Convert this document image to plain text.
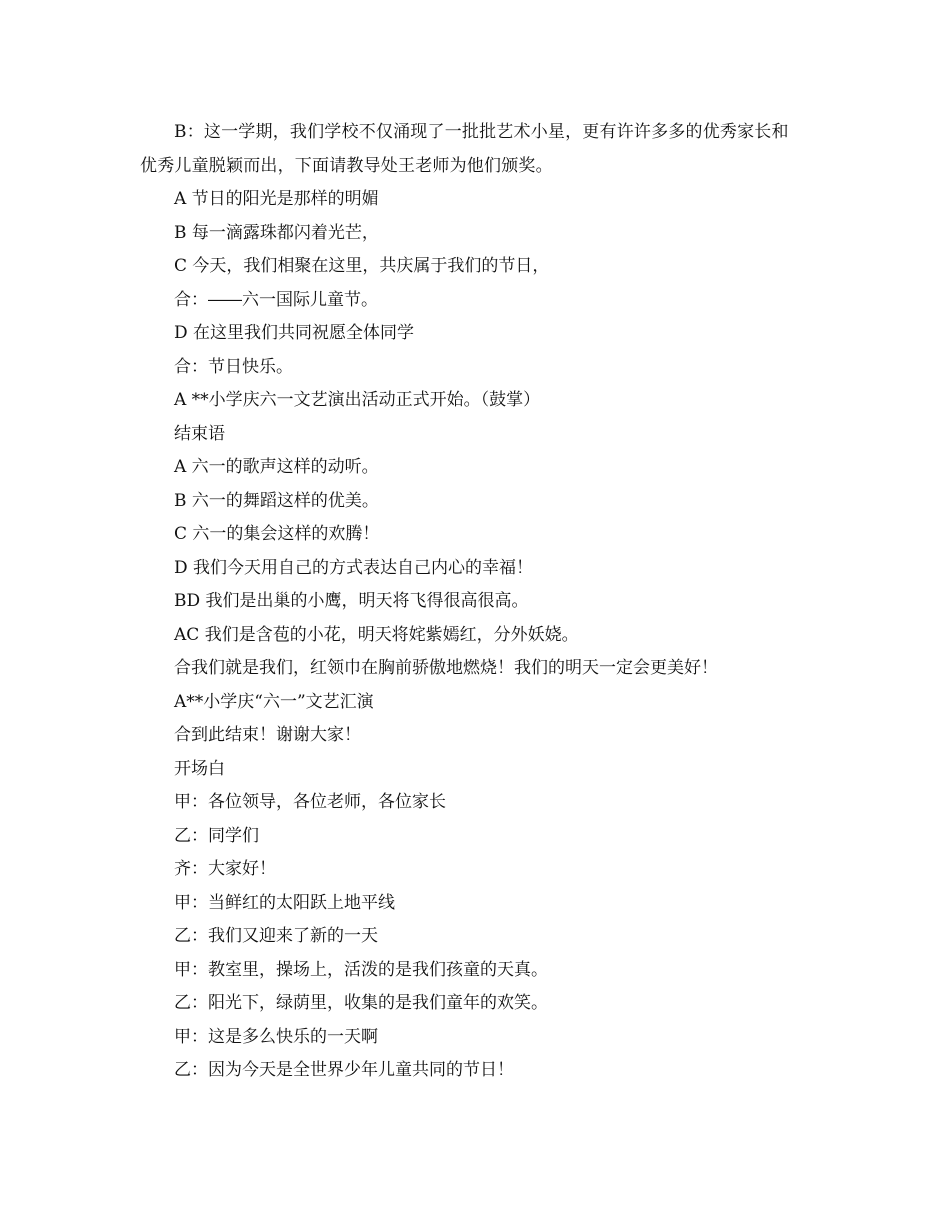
B：这一学期，我们学校不仅涌现了一批批艺术小星，更有许许多多的优秀家长和优秀儿童脱颖而出，下面请教导处王老师为他们颁奖。

A 节日的阳光是那样的明媚

B 每一滴露珠都闪着光芒，

C 今天，我们相聚在这里，共庆属于我们的节日，

合：――六一国际儿童节。

D 在这里我们共同祝愿全体同学

合：节日快乐。

A **小学庆六一文艺演出活动正式开始。（鼓掌）

结束语

A 六一的歌声这样的动听。

B 六一的舞蹈这样的优美。

C 六一的集会这样的欢腾！

D 我们今天用自己的方式表达自己内心的幸福！

BD 我们是出巢的小鹰，明天将飞得很高很高。

AC 我们是含苞的小花，明天将姹紫嫣红，分外妖娆。

合我们就是我们，红领巾在胸前骄傲地燃烧！我们的明天一定会更美好！

A**小学庆“六一”文艺汇演

合到此结束！谢谢大家！

开场白

甲：各位领导，各位老师，各位家长

乙：同学们

齐：大家好！

甲：当鲜红的太阳跃上地平线

乙：我们又迎来了新的一天

甲：教室里，操场上，活泼的是我们孩童的天真。

乙：阳光下，绿荫里，收集的是我们童年的欢笑。

甲：这是多么快乐的一天啊

乙：因为今天是全世界少年儿童共同的节日！
